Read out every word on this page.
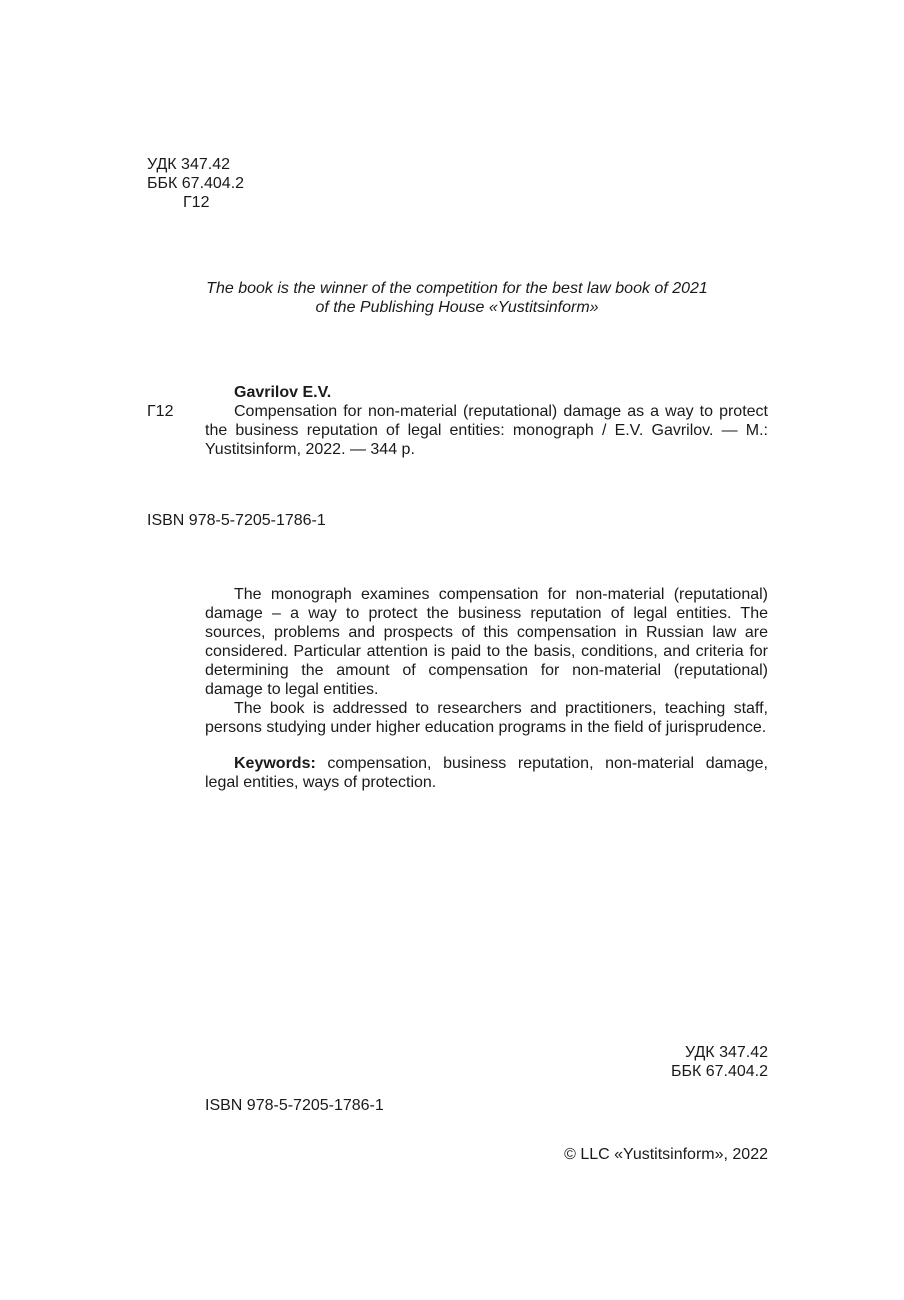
УДК 347.42
ББК 67.404.2
Г12
The book is the winner of the competition for the best law book of 2021
of the Publishing House «Yustitsinform»
Г12
Gavrilov E.V.
Compensation for non-material (reputational) damage as a way to protect the business reputation of legal entities: monograph / E.V. Gavrilov. — M.: Yustitsinform, 2022. — 344 p.
ISBN 978-5-7205-1786-1

The monograph examines compensation for non-material (reputational) damage – a way to protect the business reputation of legal entities. The sources, problems and prospects of this compensation in Russian law are considered. Particular attention is paid to the basis, conditions, and criteria for determining the amount of compensation for non-material (reputational) damage to legal entities.

The book is addressed to researchers and practitioners, teaching staff, persons studying under higher education programs in the field of jurisprudence.

Keywords: compensation, business reputation, non-material damage, legal entities, ways of protection.

УДК 347.42
ББК 67.404.2
ISBN 978-5-7205-1786-1
© LLC «Yustitsinform», 2022
